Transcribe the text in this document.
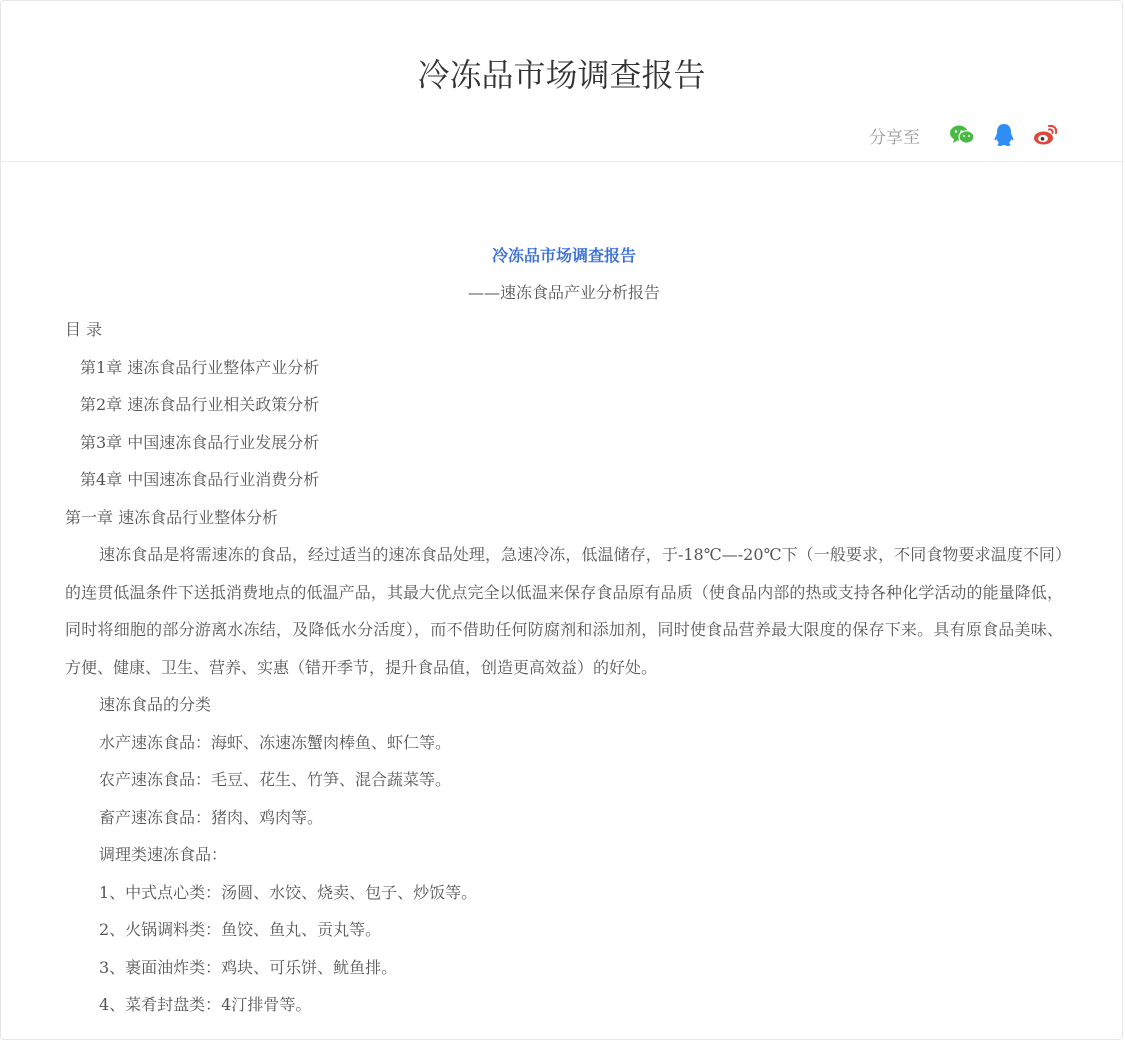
冷冻品市场调查报告
分享至
冷冻品市场调查报告
——速冻食品产业分析报告
目 录
第1章 速冻食品行业整体产业分析
第2章 速冻食品行业相关政策分析
第3章 中国速冻食品行业发展分析
第4章 中国速冻食品行业消费分析
第一章 速冻食品行业整体分析

速冻食品是将需速冻的食品，经过适当的速冻食品处理，急速冷冻，低温储存，于-18℃—-20℃下（一般要求，不同食物要求温度不同）的连贯低温条件下送抵消费地点的低温产品，其最大优点完全以低温来保存食品原有品质（使食品内部的热或支持各种化学活动的能量降低，同时将细胞的部分游离水冻结，及降低水分活度），而不借助任何防腐剂和添加剂，同时使食品营养最大限度的保存下来。具有原食品美味、方便、健康、卫生、营养、实惠（错开季节，提升食品值，创造更高效益）的好处。

速冻食品的分类
水产速冻食品：海虾、冻速冻蟹肉棒鱼、虾仁等。
农产速冻食品：毛豆、花生、竹笋、混合蔬菜等。
畜产速冻食品：猪肉、鸡肉等。
调理类速冻食品：
1、中式点心类：汤圆、水饺、烧卖、包子、炒饭等。
2、火锅调料类：鱼饺、鱼丸、贡丸等。
3、裹面油炸类：鸡块、可乐饼、鱿鱼排。
4、菜肴封盘类：4汀排骨等。
